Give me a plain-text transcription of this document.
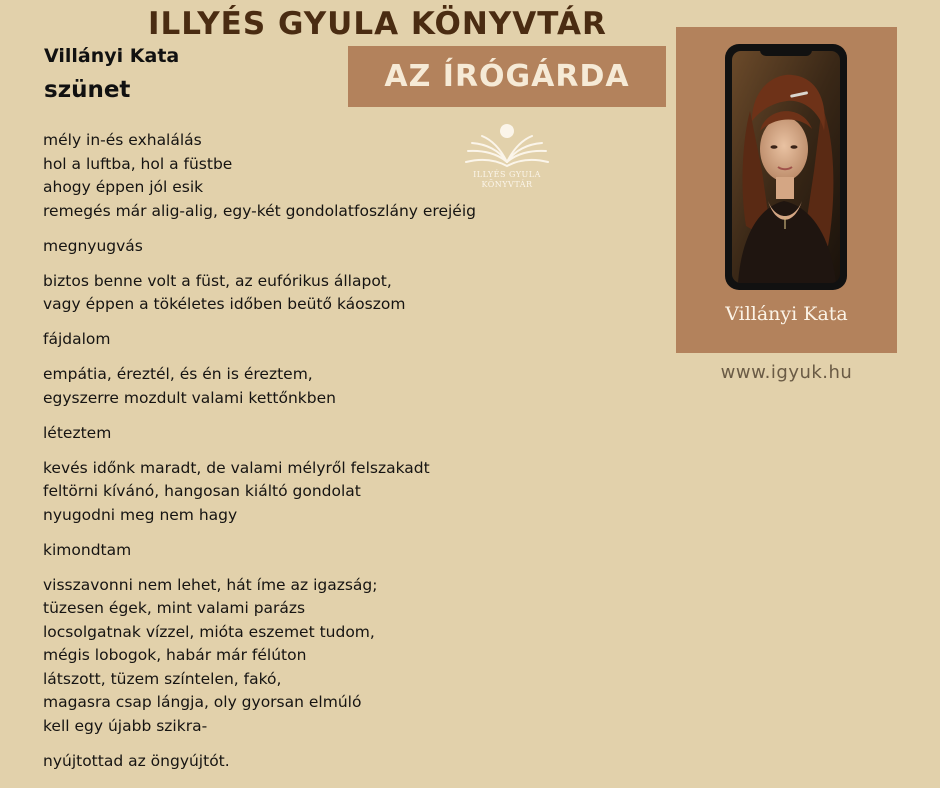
ILLYÉS GYULA KÖNYVTÁR
Villányi Kata
szünet	AZ ÍRÓGÁRDA
ILLYÉS GYULA
KÖNYVTÁR
mély in-és exhalálás
hol a luftba, hol a füstbe
ahogy éppen jól esik
remegés már alig-alig, egy-két gondolatfoszlány erejéig
megnyugvás
biztos benne volt a füst, az eufórikus állapot,
vagy éppen a tökéletes időben beütő káoszom
fájdalom
empátia, éreztél, és én is éreztem,
egyszerre mozdult valami kettőnkben
léteztem
kevés időnk maradt, de valami mélyről felszakadt
feltörni kívánó, hangosan kiáltó gondolat
nyugodni meg nem hagy
kimondtam
visszavonni nem lehet, hát íme az igazság;
tüzesen égek, mint valami parázs
locsolgatnak vízzel, mióta eszemet tudom,
mégis lobogok, habár már félúton
látszott, tüzem színtelen, fakó,
magasra csap lángja, oly gyorsan elmúló
kell egy újabb szikra-
nyújtottad az öngyújtót.
Villányi Kata
www.igyuk.hu
